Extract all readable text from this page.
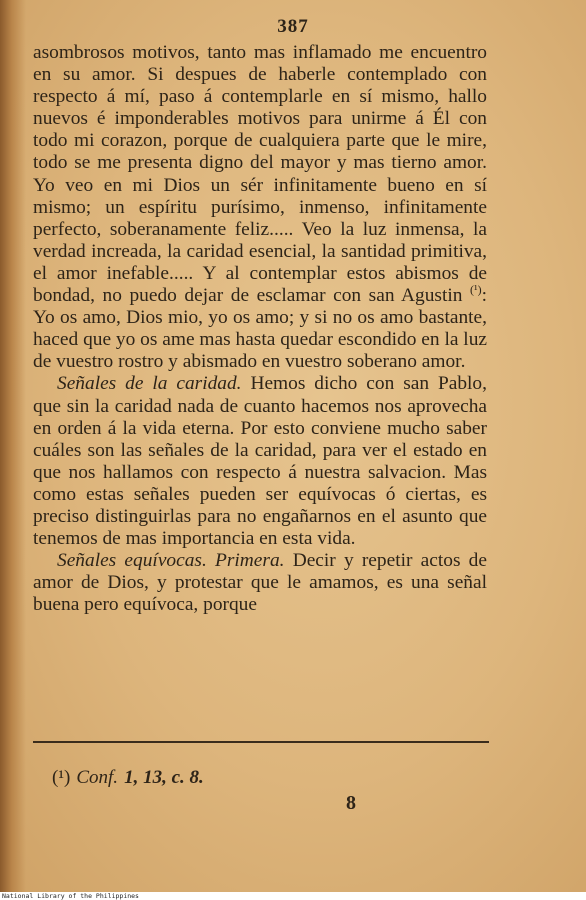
387

asombrosos motivos, tanto mas inflamado me encuentro en su amor. Si despues de haberle contemplado con respecto á mí, paso á contemplarle en sí mismo, hallo nuevos é imponderables motivos para unirme á Él con todo mi corazon, porque de cualquiera parte que le mire, todo se me presenta digno del mayor y mas tierno amor. Yo veo en mi Dios un sér infinitamente bueno en sí mismo; un espíritu purísimo, inmenso, infinitamente perfecto, soberanamente feliz..... Veo la luz inmensa, la verdad increada, la caridad esencial, la santidad primitiva, el amor inefable..... Y al contemplar estos abismos de bondad, no puedo dejar de esclamar con san Agustin $^{(^1)}$: Yo os amo, Dios mio, yo os amo; y si no os amo bastante, haced que yo os ame mas hasta quedar escondido en la luz de vuestro rostro y abismado en vuestro soberano amor.

Señales de la caridad. Hemos dicho con san Pablo, que sin la caridad nada de cuanto hacemos nos aprovecha en orden á la vida eterna. Por esto conviene mucho saber cuáles son las señales de la caridad, para ver el estado en que nos hallamos con respecto á nuestra salvacion. Mas como estas señales pueden ser equívocas ó ciertas, es preciso distinguirlas para no engañarnos en el asunto que tenemos de mas importancia en esta vida.

Señales equívocas. Primera. Decir y repetir actos de amor de Dios, y protestar que le amamos, es una señal buena pero equívoca, porque

(¹) Conf. 1, 13, c. 8.
8
National Library of the Philippines
